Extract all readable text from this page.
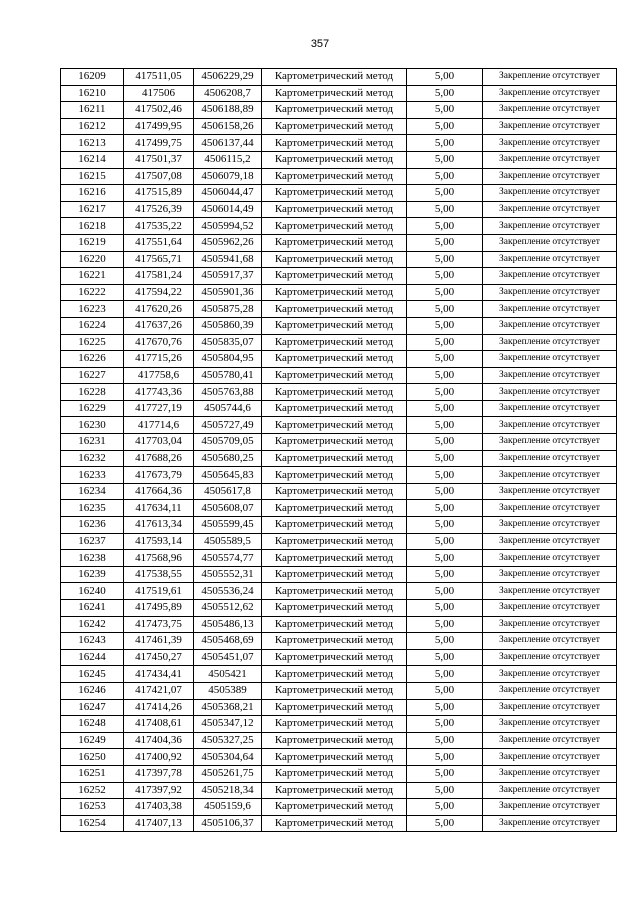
357
16209	417511,05	4506229,29	Картометрический метод	5,00	Закрепление отсутствует
16210	417506	4506208,7	Картометрический метод	5,00	Закрепление отсутствует
16211	417502,46	4506188,89	Картометрический метод	5,00	Закрепление отсутствует
16212	417499,95	4506158,26	Картометрический метод	5,00	Закрепление отсутствует
16213	417499,75	4506137,44	Картометрический метод	5,00	Закрепление отсутствует
16214	417501,37	4506115,2	Картометрический метод	5,00	Закрепление отсутствует
16215	417507,08	4506079,18	Картометрический метод	5,00	Закрепление отсутствует
16216	417515,89	4506044,47	Картометрический метод	5,00	Закрепление отсутствует
16217	417526,39	4506014,49	Картометрический метод	5,00	Закрепление отсутствует
16218	417535,22	4505994,52	Картометрический метод	5,00	Закрепление отсутствует
16219	417551,64	4505962,26	Картометрический метод	5,00	Закрепление отсутствует
16220	417565,71	4505941,68	Картометрический метод	5,00	Закрепление отсутствует
16221	417581,24	4505917,37	Картометрический метод	5,00	Закрепление отсутствует
16222	417594,22	4505901,36	Картометрический метод	5,00	Закрепление отсутствует
16223	417620,26	4505875,28	Картометрический метод	5,00	Закрепление отсутствует
16224	417637,26	4505860,39	Картометрический метод	5,00	Закрепление отсутствует
16225	417670,76	4505835,07	Картометрический метод	5,00	Закрепление отсутствует
16226	417715,26	4505804,95	Картометрический метод	5,00	Закрепление отсутствует
16227	417758,6	4505780,41	Картометрический метод	5,00	Закрепление отсутствует
16228	417743,36	4505763,88	Картометрический метод	5,00	Закрепление отсутствует
16229	417727,19	4505744,6	Картометрический метод	5,00	Закрепление отсутствует
16230	417714,6	4505727,49	Картометрический метод	5,00	Закрепление отсутствует
16231	417703,04	4505709,05	Картометрический метод	5,00	Закрепление отсутствует
16232	417688,26	4505680,25	Картометрический метод	5,00	Закрепление отсутствует
16233	417673,79	4505645,83	Картометрический метод	5,00	Закрепление отсутствует
16234	417664,36	4505617,8	Картометрический метод	5,00	Закрепление отсутствует
16235	417634,11	4505608,07	Картометрический метод	5,00	Закрепление отсутствует
16236	417613,34	4505599,45	Картометрический метод	5,00	Закрепление отсутствует
16237	417593,14	4505589,5	Картометрический метод	5,00	Закрепление отсутствует
16238	417568,96	4505574,77	Картометрический метод	5,00	Закрепление отсутствует
16239	417538,55	4505552,31	Картометрический метод	5,00	Закрепление отсутствует
16240	417519,61	4505536,24	Картометрический метод	5,00	Закрепление отсутствует
16241	417495,89	4505512,62	Картометрический метод	5,00	Закрепление отсутствует
16242	417473,75	4505486,13	Картометрический метод	5,00	Закрепление отсутствует
16243	417461,39	4505468,69	Картометрический метод	5,00	Закрепление отсутствует
16244	417450,27	4505451,07	Картометрический метод	5,00	Закрепление отсутствует
16245	417434,41	4505421	Картометрический метод	5,00	Закрепление отсутствует
16246	417421,07	4505389	Картометрический метод	5,00	Закрепление отсутствует
16247	417414,26	4505368,21	Картометрический метод	5,00	Закрепление отсутствует
16248	417408,61	4505347,12	Картометрический метод	5,00	Закрепление отсутствует
16249	417404,36	4505327,25	Картометрический метод	5,00	Закрепление отсутствует
16250	417400,92	4505304,64	Картометрический метод	5,00	Закрепление отсутствует
16251	417397,78	4505261,75	Картометрический метод	5,00	Закрепление отсутствует
16252	417397,92	4505218,34	Картометрический метод	5,00	Закрепление отсутствует
16253	417403,38	4505159,6	Картометрический метод	5,00	Закрепление отсутствует
16254	417407,13	4505106,37	Картометрический метод	5,00	Закрепление отсутствует
